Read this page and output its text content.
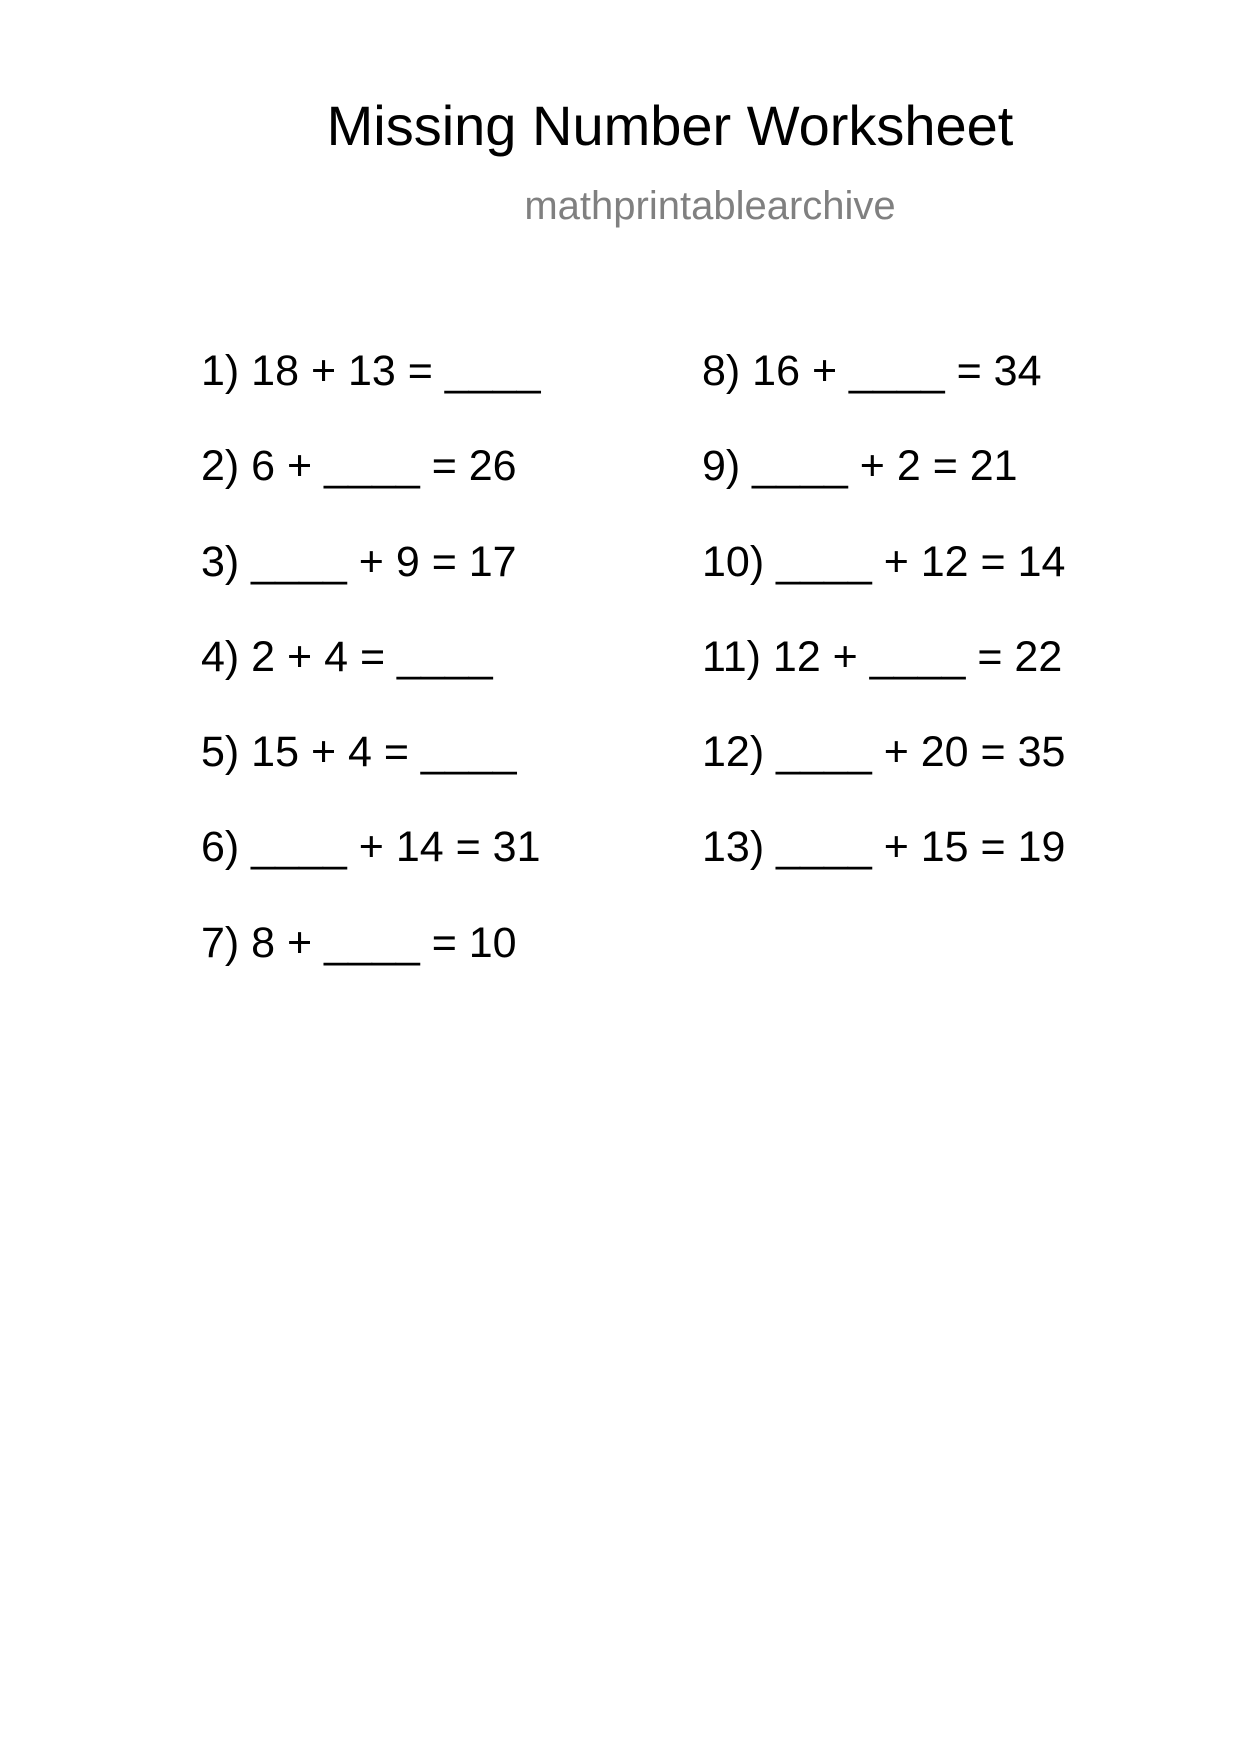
Missing Number Worksheet
mathprintablearchive
1) 18 + 13 = ____
2) 6 + ____ = 26
3) ____ + 9 = 17
4) 2 + 4 = ____
5) 15 + 4 = ____
6) ____ + 14 = 31
7) 8 + ____ = 10
8) 16 + ____ = 34
9) ____ + 2 = 21
10) ____ + 12 = 14
11) 12 + ____ = 22
12) ____ + 20 = 35
13) ____ + 15 = 19
